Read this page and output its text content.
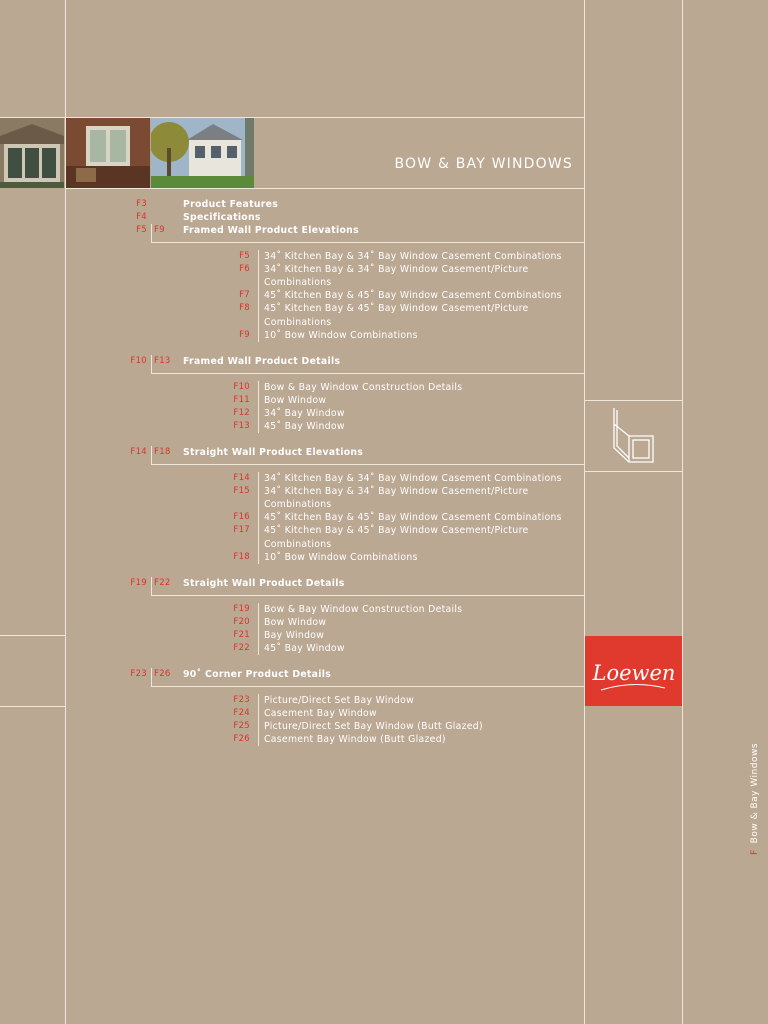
BOW & BAY WINDOWS
F3	Product Features
F4	Specifications
F5 F9	Framed Wall Product Elevations
F5 34˚ Kitchen Bay & 34˚ Bay Window Casement Combinations
F6 34˚ Kitchen Bay & 34˚ Bay Window Casement/Picture
Combinations
F7 45˚ Kitchen Bay & 45˚ Bay Window Casement Combinations
F8 45˚ Kitchen Bay & 45˚ Bay Window Casement/Picture
Combinations
F9 10˚ Bow Window Combinations
F10 F13 Framed Wall Product Details
F10 Bow & Bay Window Construction Details
F11 Bow Window
F12 34˚ Bay Window
F13 45˚ Bay Window
F14 F18 Straight Wall Product Elevations
F14 34˚ Kitchen Bay & 34˚ Bay Window Casement Combinations
F15 34˚ Kitchen Bay & 34˚ Bay Window Casement/Picture
Combinations
F16 45˚ Kitchen Bay & 45˚ Bay Window Casement Combinations
F17 45˚ Kitchen Bay & 45˚ Bay Window Casement/Picture
Combinations
F18 10˚ Bow Window Combinations
F19 F22 Straight Wall Product Details
F19 Bow & Bay Window Construction Details
F20 Bow Window
F21 Bay Window
F22 45˚ Bay Window
F23 F26 90˚ Corner Product Details
F23 Picture/Direct Set Bay Window
F24 Casement Bay Window
F25 Picture/Direct Set Bay Window (Butt Glazed)
F26 Casement Bay Window (Butt Glazed)
Loewen
FBow & Bay Windows
